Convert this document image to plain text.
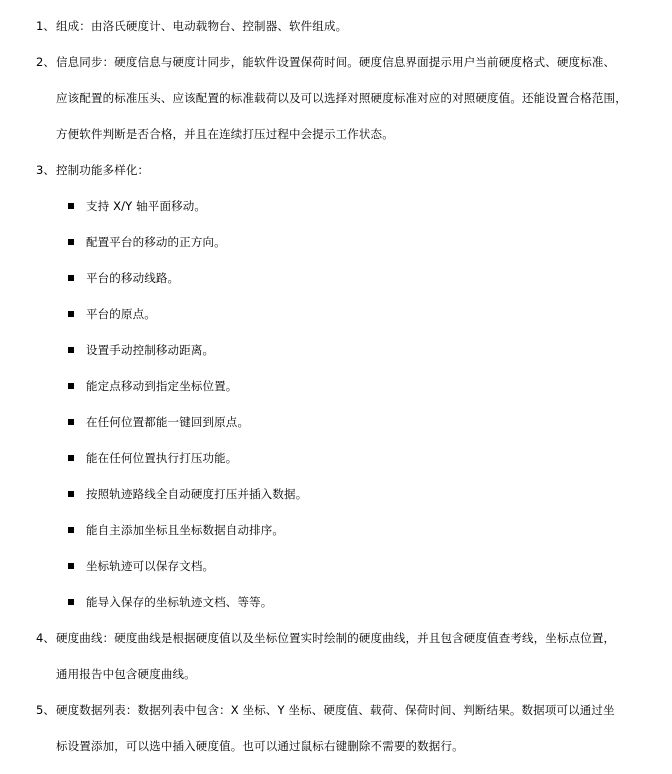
1、 组成：由洛氏硬度计、电动载物台、控制器、软件组成。
2、 信息同步：硬度信息与硬度计同步，能软件设置保荷时间。硬度信息界面提示用户当前硬度格式、硬度标准、
应该配置的标准压头、应该配置的标准载荷以及可以选择对照硬度标准对应的对照硬度值。还能设置合格范围，
方便软件判断是否合格，并且在连续打压过程中会提示工作状态。
3、 控制功能多样化：
支持 X/Y 轴平面移动。
配置平台的移动的正方向。
平台的移动线路。
平台的原点。
设置手动控制移动距离。
能定点移动到指定坐标位置。
在任何位置都能一键回到原点。
能在任何位置执行打压功能。
按照轨迹路线全自动硬度打压并插入数据。
能自主添加坐标且坐标数据自动排序。
坐标轨迹可以保存文档。
能导入保存的坐标轨迹文档、等等。
4、 硬度曲线：硬度曲线是根据硬度值以及坐标位置实时绘制的硬度曲线，并且包含硬度值查考线，坐标点位置，
通用报告中包含硬度曲线。
5、 硬度数据列表：数据列表中包含：X 坐标、Y 坐标、硬度值、载荷、保荷时间、判断结果。数据项可以通过坐
标设置添加，可以选中插入硬度值。也可以通过鼠标右键删除不需要的数据行。
